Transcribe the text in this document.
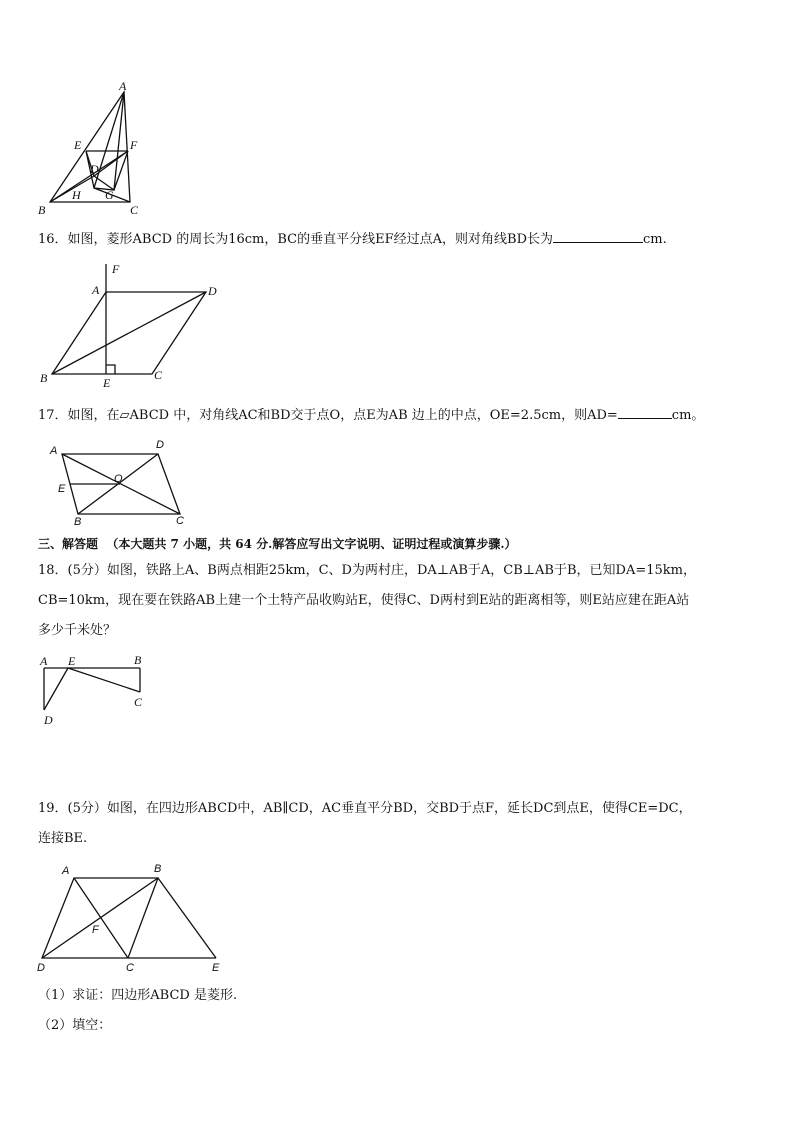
A
E	F
D
H G
B	C
16．如图，菱形ABCD 的周长为16cm，BC的垂直平分线EF经过点A，则对角线BD长为	cm.
F
A	D
B	E
C
17．如图，在▱ABCD 中，对角线AC和BD交于点O，点E为AB 边上的中点，OE=2.5cm，则AD=	cm。
A	D
E
O
B	C
三、解答题 （本大题共 7 小题，共 64 分.解答应写出文字说明、证明过程或演算步骤.）
18．(5分）如图，铁路上A、B两点相距25km，C、D为两村庄，DA⊥AB于A，CB⊥AB于B，已知DA=15km，
CB=10km，现在要在铁路AB上建一个土特产品收购站E，使得C、D两村到E站的距离相等，则E站应建在距A站
多少千米处？
A E	B
C
D
19．(5分）如图，在四边形ABCD中，AB∥CD，AC垂直平分BD，交BD于点F，延长DC到点E，使得CE=DC，
连接BE.
A	B
F
D	C	E
（1）求证：四边形ABCD 是菱形.
（2）填空：
